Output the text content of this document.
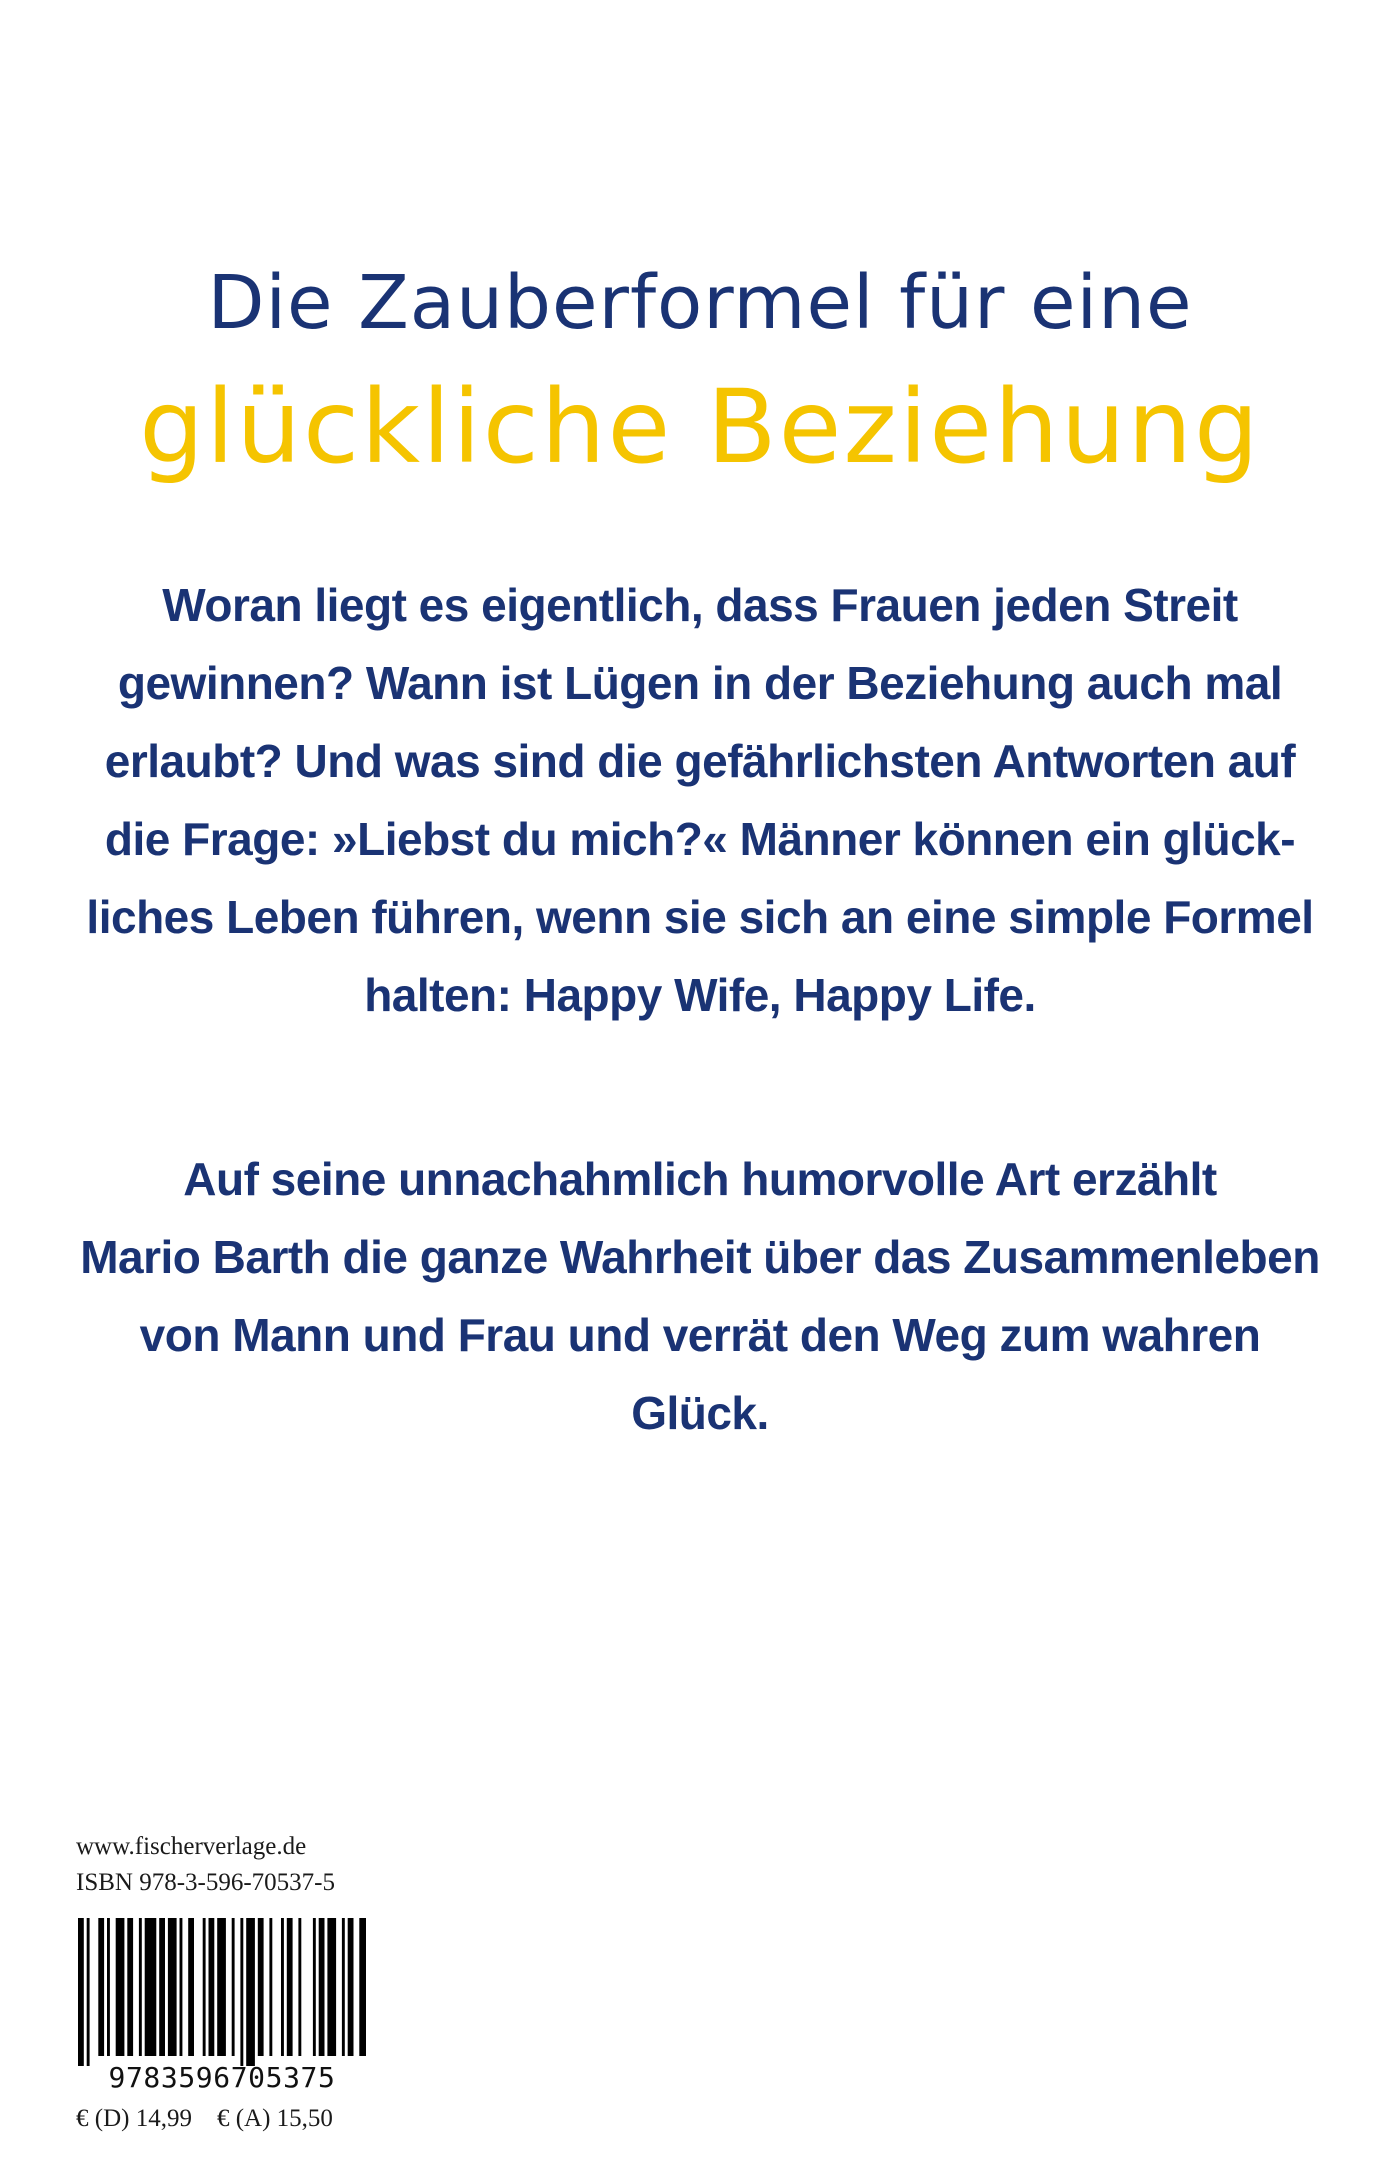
Die Zauberformel für eine
glückliche Beziehung

Woran liegt es eigentlich, dass Frauen jeden Streit

gewinnen? Wann ist Lügen in der Beziehung auch mal

erlaubt? Und was sind die gefährlichsten Antworten auf

die Frage: »Liebst du mich?« Männer können ein glück-

liches Leben führen, wenn sie sich an eine simple Formel

halten: Happy Wife, Happy Life.

Auf seine unnachahmlich humorvolle Art erzählt

Mario Barth die ganze Wahrheit über das Zusammenleben

von Mann und Frau und verrät den Weg zum wahren Glück.

www.fischerverlage.de
ISBN 978-3-596-70537-5
9783596705375
€ (D) 14,99    € (A) 15,50
